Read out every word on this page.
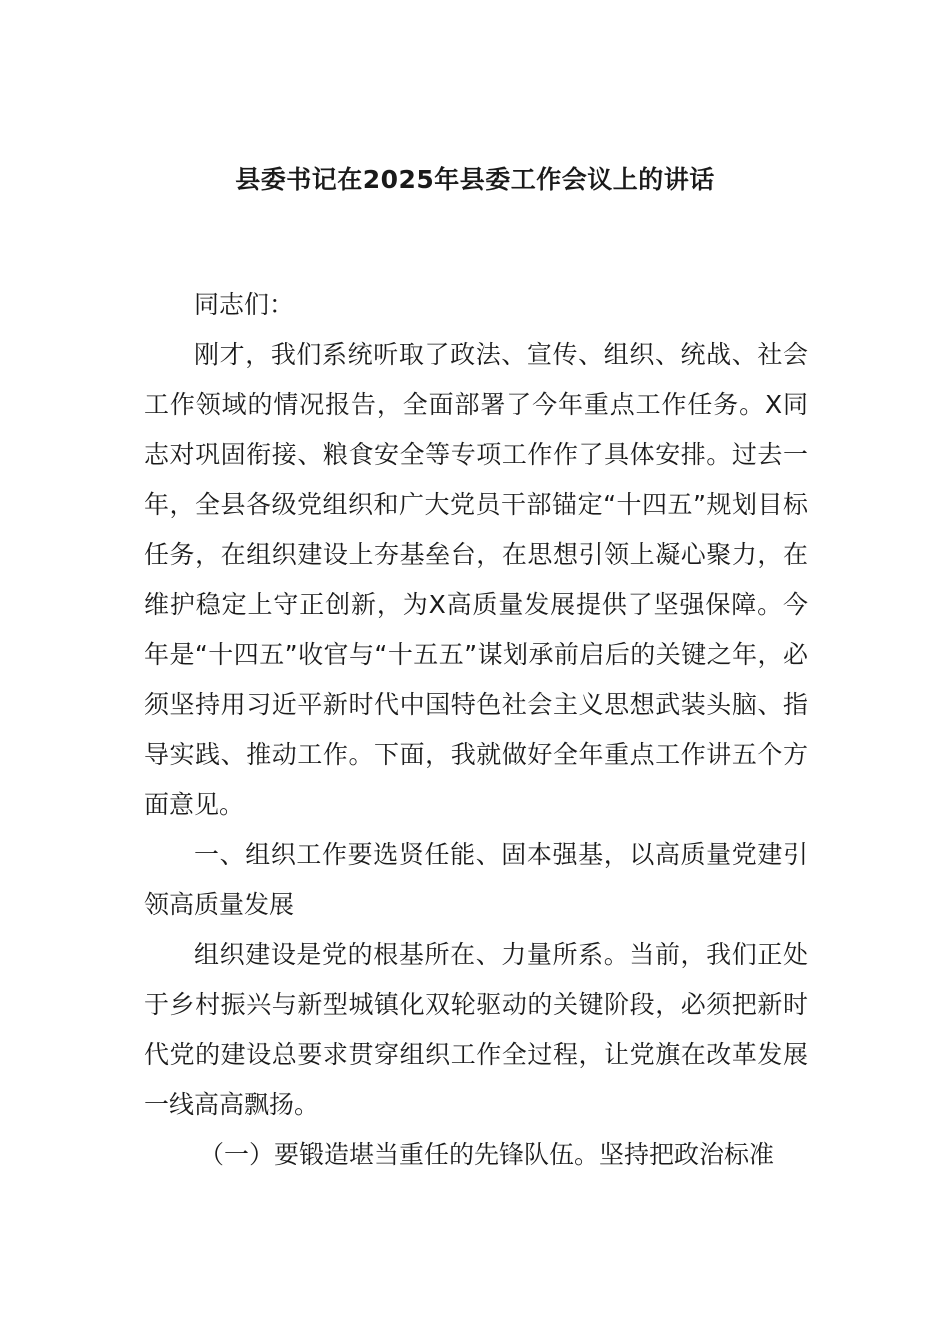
县委书记在2025年县委工作会议上的讲话

同志们：

刚才，我们系统听取了政法、宣传、组织、统战、社会工作领域的情况报告，全面部署了今年重点工作任务。X同志对巩固衔接、粮食安全等专项工作作了具体安排。过去一年，全县各级党组织和广大党员干部锚定“十四五”规划目标任务，在组织建设上夯基垒台，在思想引领上凝心聚力，在维护稳定上守正创新，为X高质量发展提供了坚强保障。今年是“十四五”收官与“十五五”谋划承前启后的关键之年，必须坚持用习近平新时代中国特色社会主义思想武装头脑、指导实践、推动工作。下面，我就做好全年重点工作讲五个方面意见。

一、组织工作要选贤任能、固本强基，以高质量党建引领高质量发展

组织建设是党的根基所在、力量所系。当前，我们正处于乡村振兴与新型城镇化双轮驱动的关键阶段，必须把新时代党的建设总要求贯穿组织工作全过程，让党旗在改革发展一线高高飘扬。

（一）要锻造堪当重任的先锋队伍。坚持把政治标准
